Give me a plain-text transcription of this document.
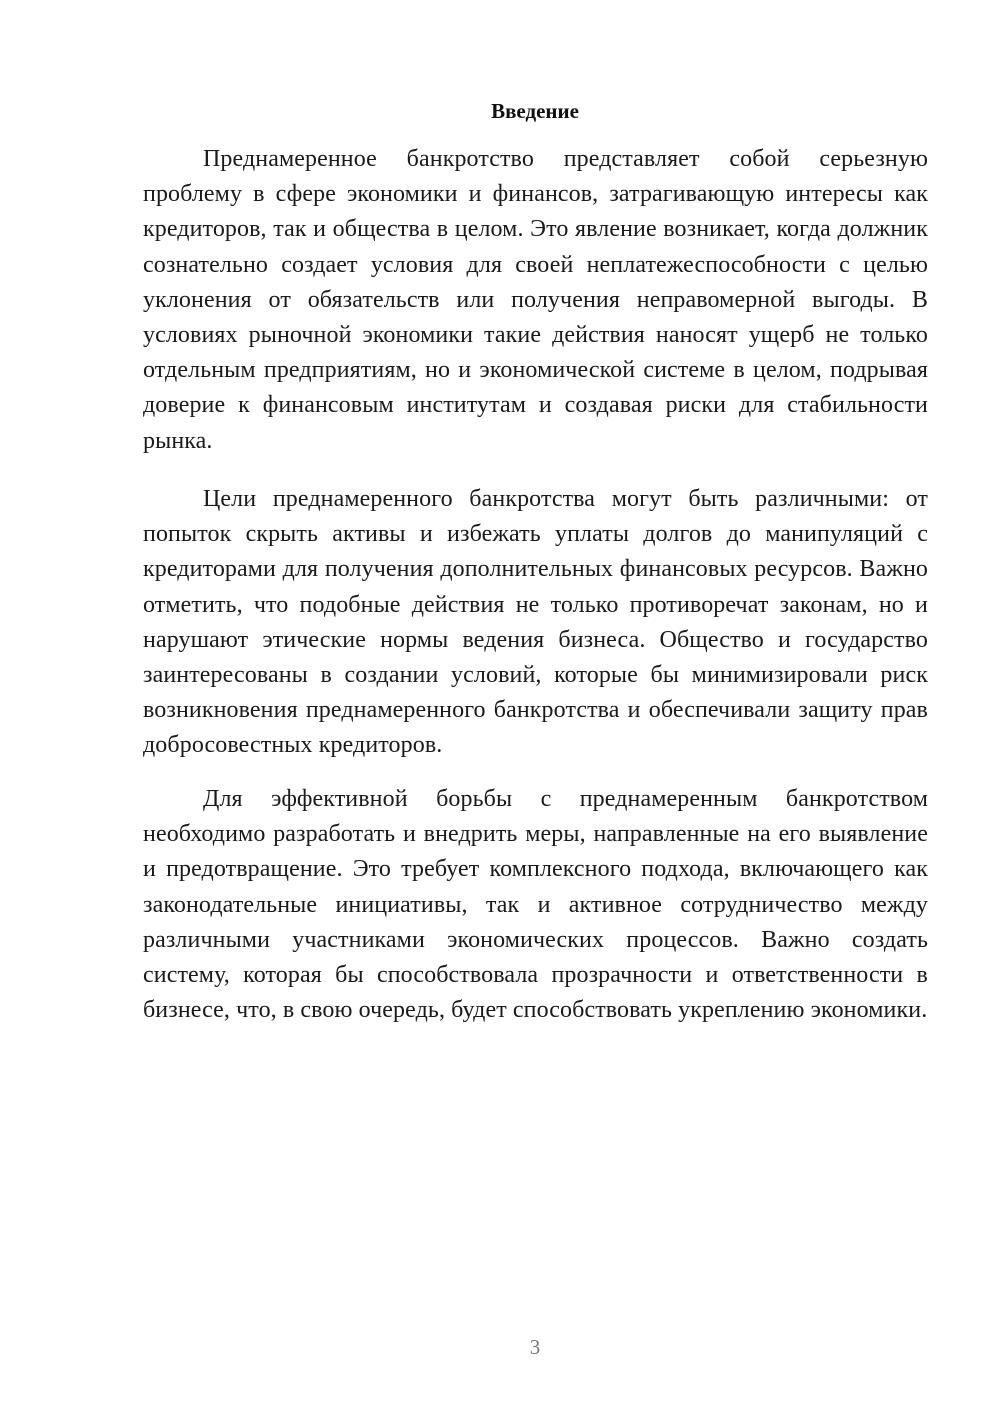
Введение

Преднамеренное банкротство представляет собой серьезную проблему в сфере экономики и финансов, затрагивающую интересы как кредиторов, так и общества в целом. Это явление возникает, когда должник сознательно создает условия для своей неплатежеспособности с целью уклонения от обязательств или получения неправомерной выгоды. В условиях рыночной экономики такие действия наносят ущерб не только отдельным предприятиям, но и экономической системе в целом, подрывая доверие к финансовым институтам и создавая риски для стабильности рынка.

Цели преднамеренного банкротства могут быть различными: от попыток скрыть активы и избежать уплаты долгов до манипуляций с кредиторами для получения дополнительных финансовых ресурсов. Важно отметить, что подобные действия не только противоречат законам, но и нарушают этические нормы ведения бизнеса. Общество и государство заинтересованы в создании условий, которые бы минимизировали риск возникновения преднамеренного банкротства и обеспечивали защиту прав добросовестных кредиторов.

Для эффективной борьбы с преднамеренным банкротством необходимо разработать и внедрить меры, направленные на его выявление и предотвращение. Это требует комплексного подхода, включающего как законодательные инициативы, так и активное сотрудничество между различными участниками экономических процессов. Важно создать систему, которая бы способствовала прозрачности и ответственности в бизнесе, что, в свою очередь, будет способствовать укреплению экономики.

3
